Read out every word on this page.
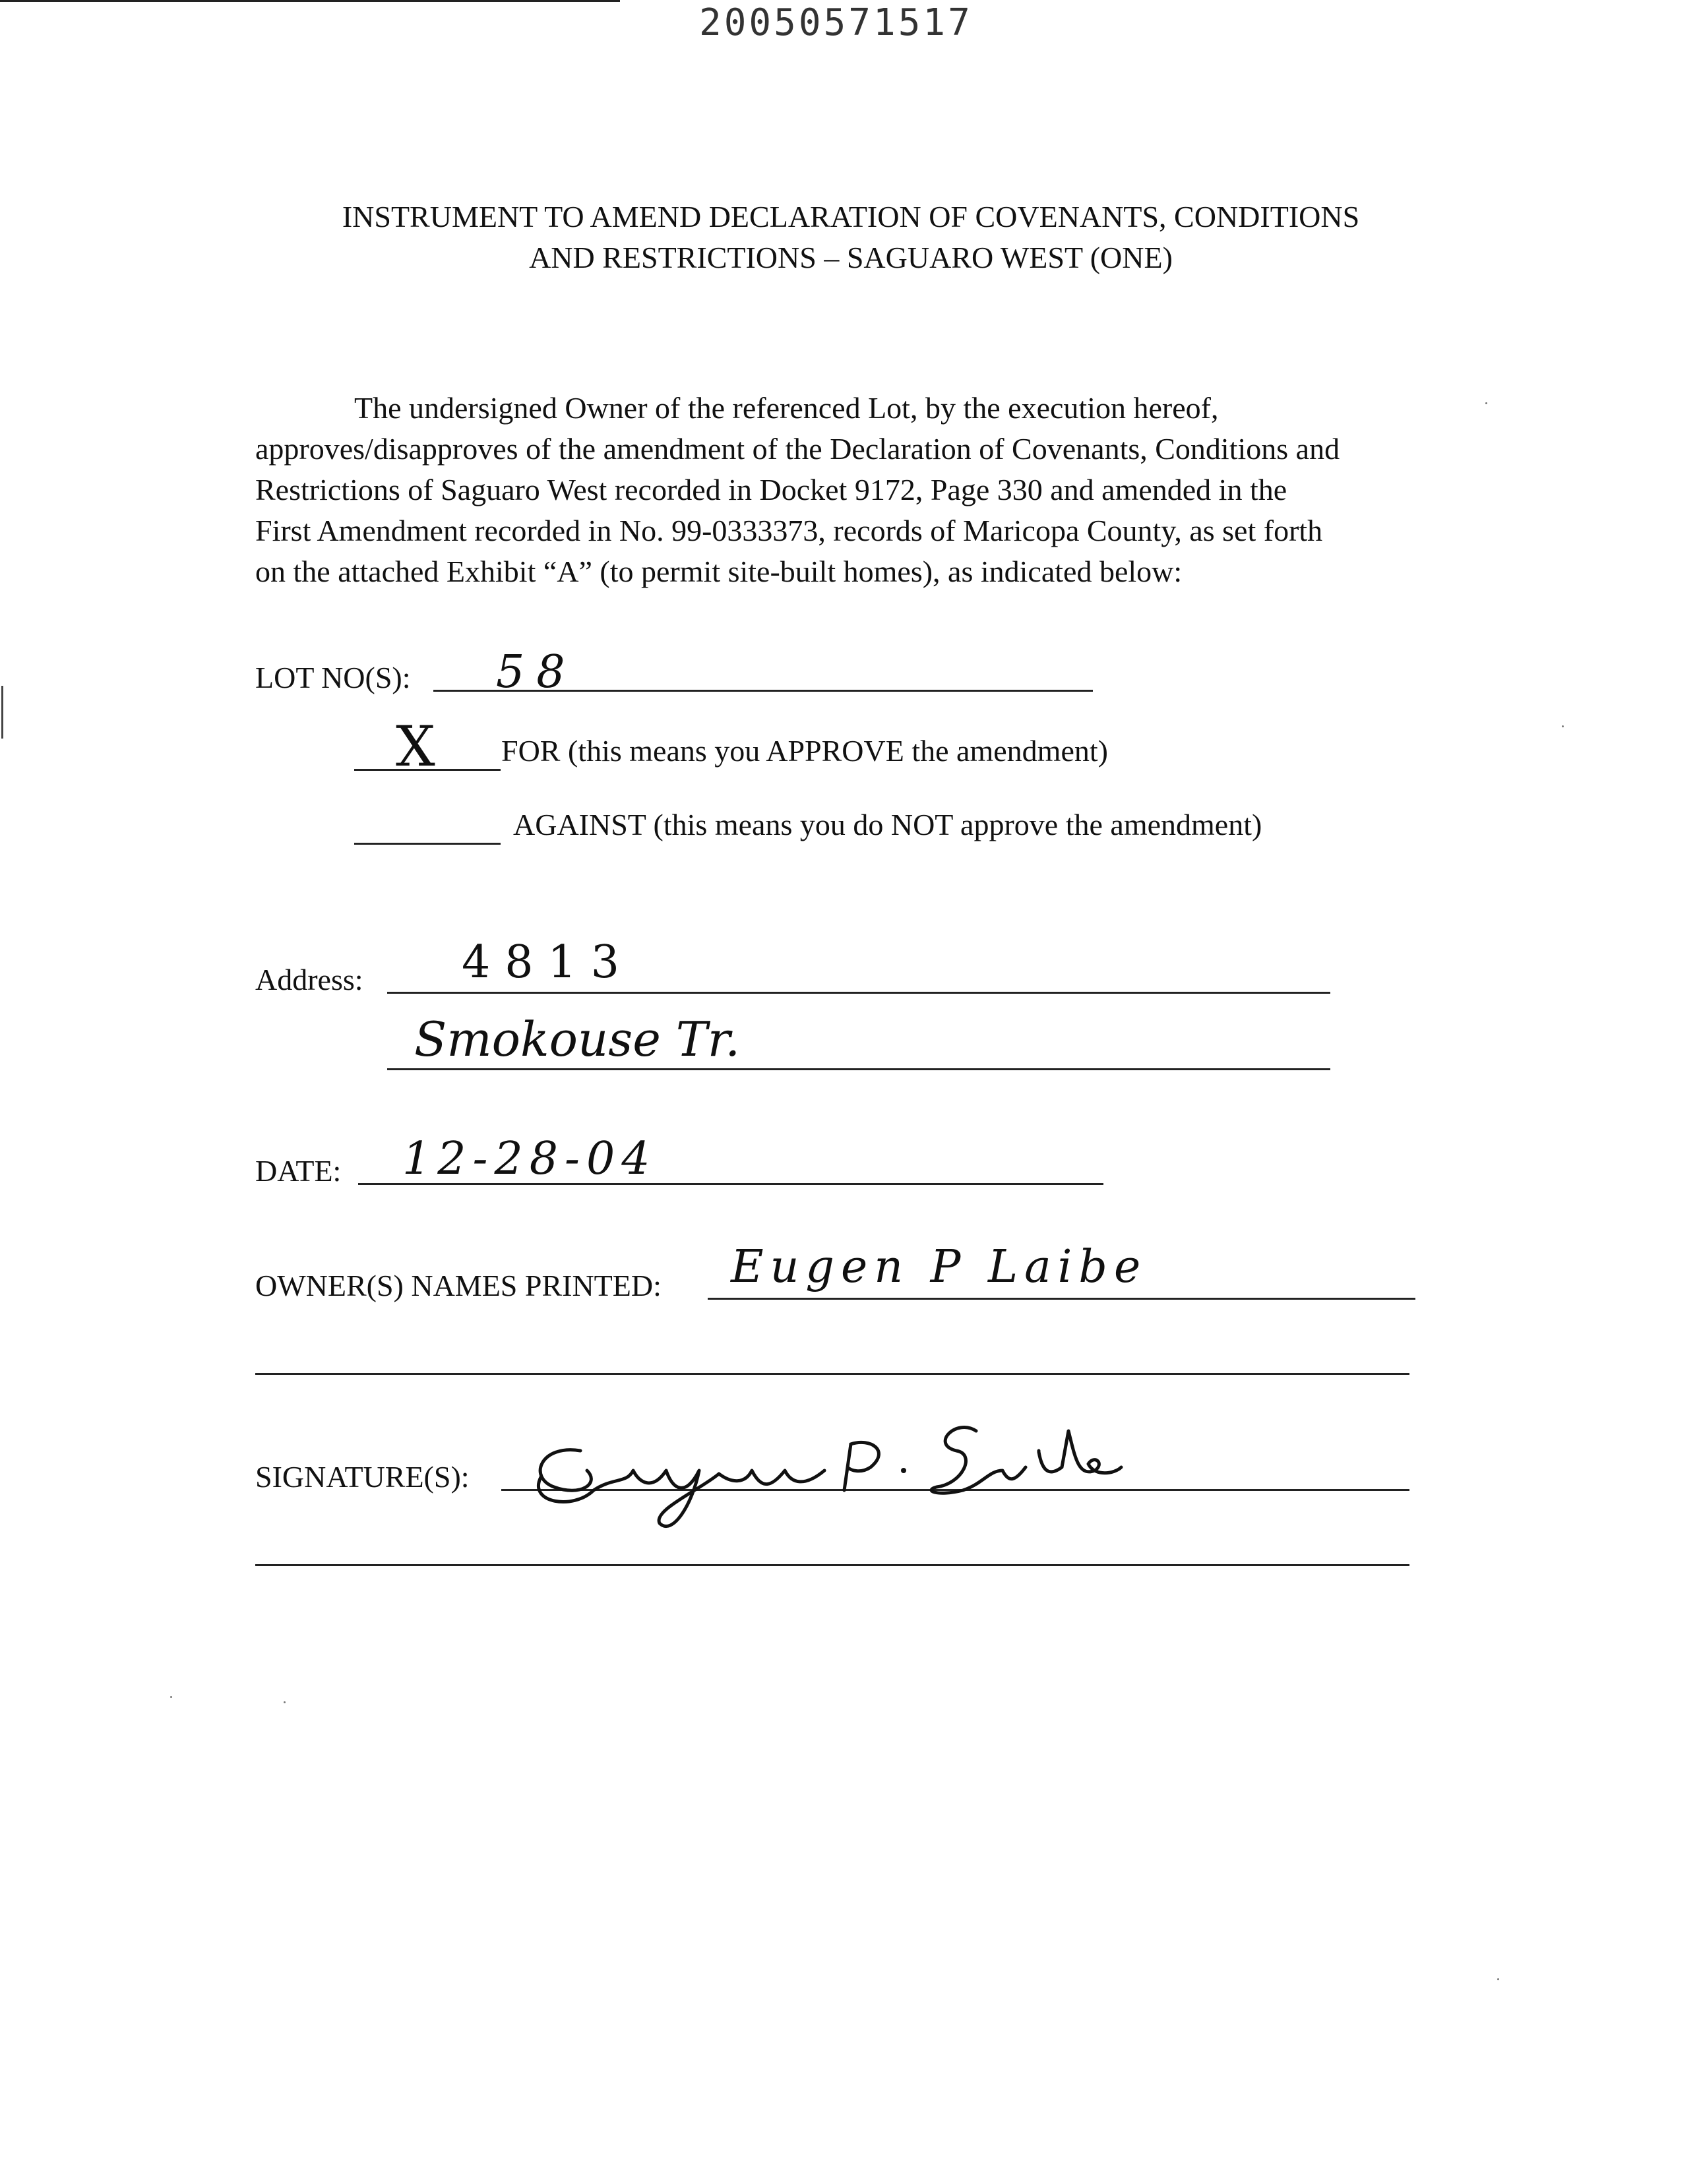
20050571517
INSTRUMENT TO AMEND DECLARATION OF COVENANTS, CONDITIONS
AND RESTRICTIONS – SAGUARO WEST (ONE)
The undersigned Owner of the referenced Lot, by the execution hereof,
approves/disapproves of the amendment of the Declaration of Covenants, Conditions and
Restrictions of Saguaro West recorded in Docket 9172, Page 330 and amended in the
First Amendment recorded in No. 99-0333373, records of Maricopa County, as set forth
on the attached Exhibit “A” (to permit site-built homes), as indicated below:
LOT NO(S): 58
X FOR (this means you APPROVE the amendment)
AGAINST (this means you do NOT approve the amendment)
Address: 4813
Smokouse Tr.
DATE: 12-28-04
OWNER(S) NAMES PRINTED: Eugen P Laibe
SIGNATURE(S):
